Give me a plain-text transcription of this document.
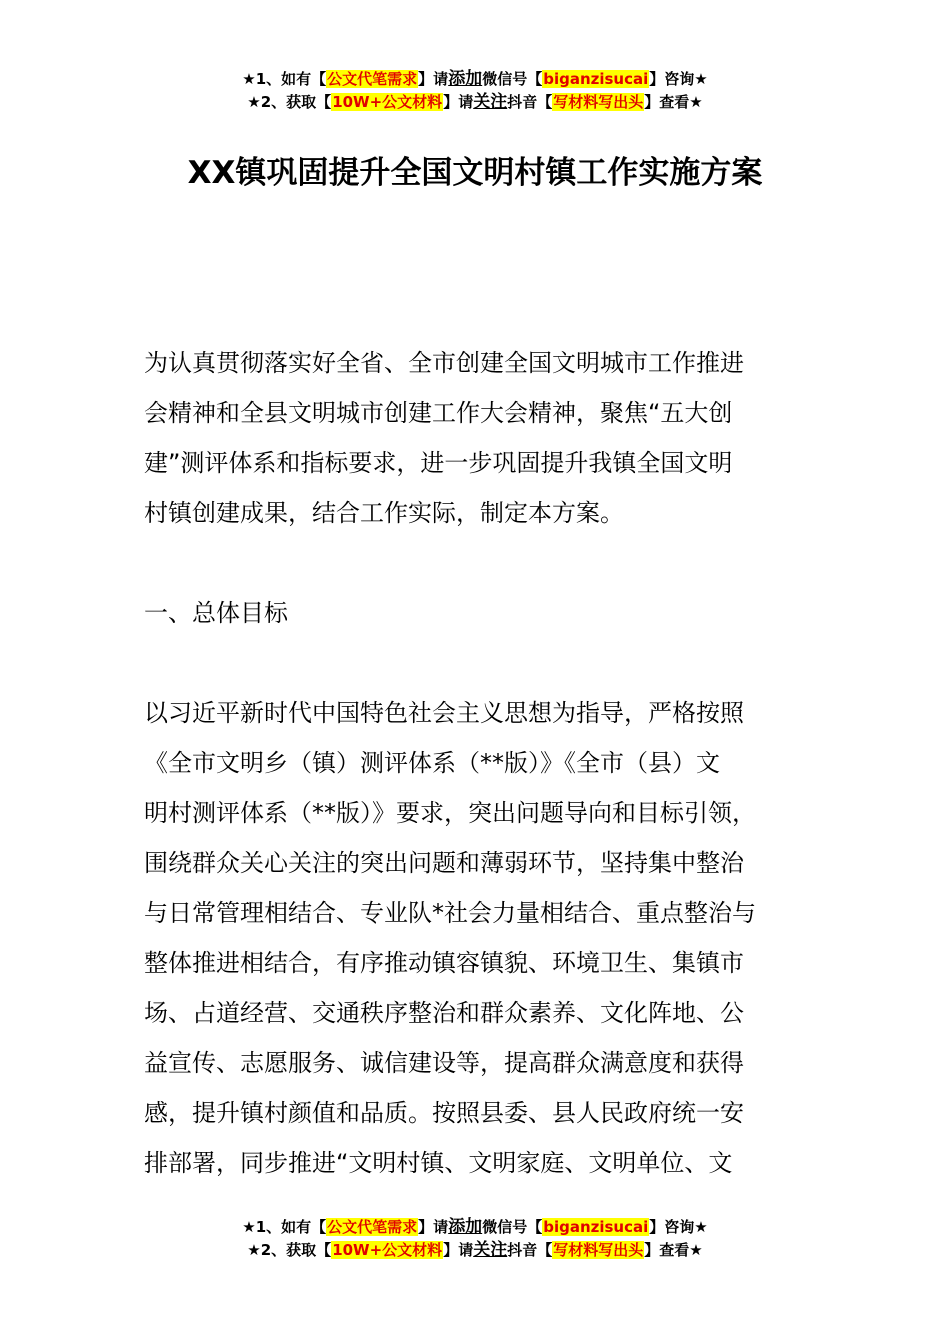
★1、如有【公文代笔需求】请添加微信号【biganzisucai】咨询★
★2、获取【10W+公文材料】请关注抖音【写材料写出头】查看★
XX镇巩固提升全国文明村镇工作实施方案
为认真贯彻落实好全省、全市创建全国文明城市工作推进
会精神和全县文明城市创建工作大会精神，聚焦“五大创
建”测评体系和指标要求，进一步巩固提升我镇全国文明
村镇创建成果，结合工作实际，制定本方案。
一、总体目标
以习近平新时代中国特色社会主义思想为指导，严格按照
《全市文明乡（镇）测评体系（**版）》《全市（县）文
明村测评体系（**版）》要求，突出问题导向和目标引领，
围绕群众关心关注的突出问题和薄弱环节，坚持集中整治
与日常管理相结合、专业队*社会力量相结合、重点整治与
整体推进相结合，有序推动镇容镇貌、环境卫生、集镇市
场、占道经营、交通秩序整治和群众素养、文化阵地、公
益宣传、志愿服务、诚信建设等，提高群众满意度和获得
感，提升镇村颜值和品质。按照县委、县人民政府统一安
排部署，同步推进“文明村镇、文明家庭、文明单位、文
★1、如有【公文代笔需求】请添加微信号【biganzisucai】咨询★
★2、获取【10W+公文材料】请关注抖音【写材料写出头】查看★
